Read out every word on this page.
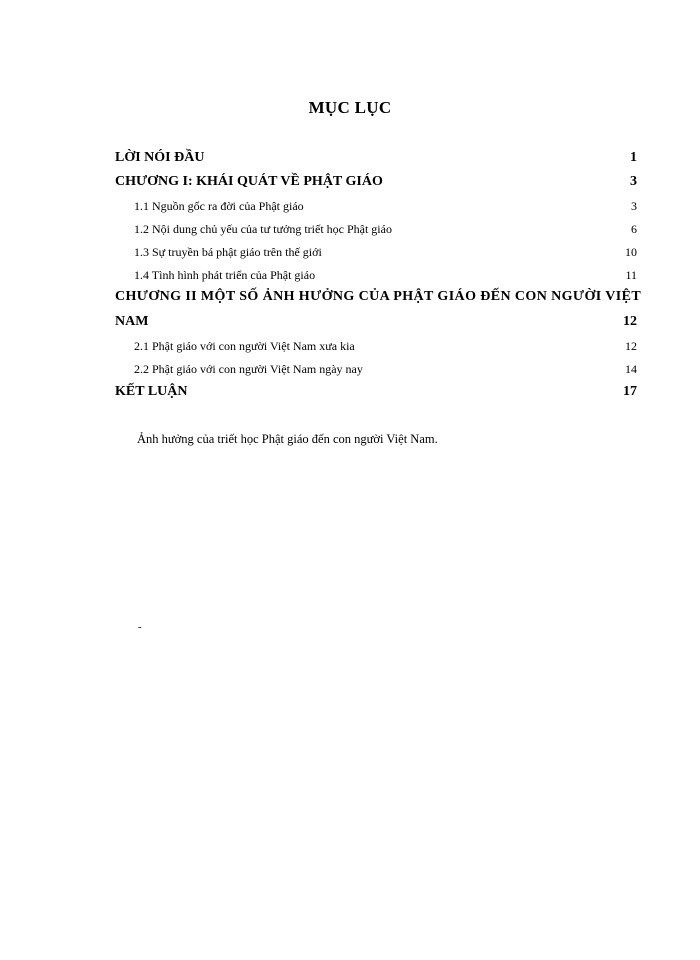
MỤC LỤC
LỜI NÓI ĐẦU	1
CHƯƠNG I: KHÁI QUÁT VỀ PHẬT GIÁO	3
1.1 Nguồn gốc ra đời của Phật giáo	3
1.2 Nội dung chủ yếu của tư tưởng triết học Phật giáo	6
1.3 Sự truyền bá phật giáo trên thế giới	10
1.4 Tình hình phát triển của Phật giáo	11
CHƯƠNG II MỘT SỐ ẢNH HƯỞNG CỦA PHẬT GIÁO ĐẾN CON NGƯỜI VIỆT
NAM	12
2.1 Phật giáo với con người Việt Nam xưa kia	12
2.2 Phật giáo với con người Việt Nam ngày nay	14
KẾT LUẬN	17
Ảnh hưởng của triết học Phật giáo đến con người Việt Nam.
-
